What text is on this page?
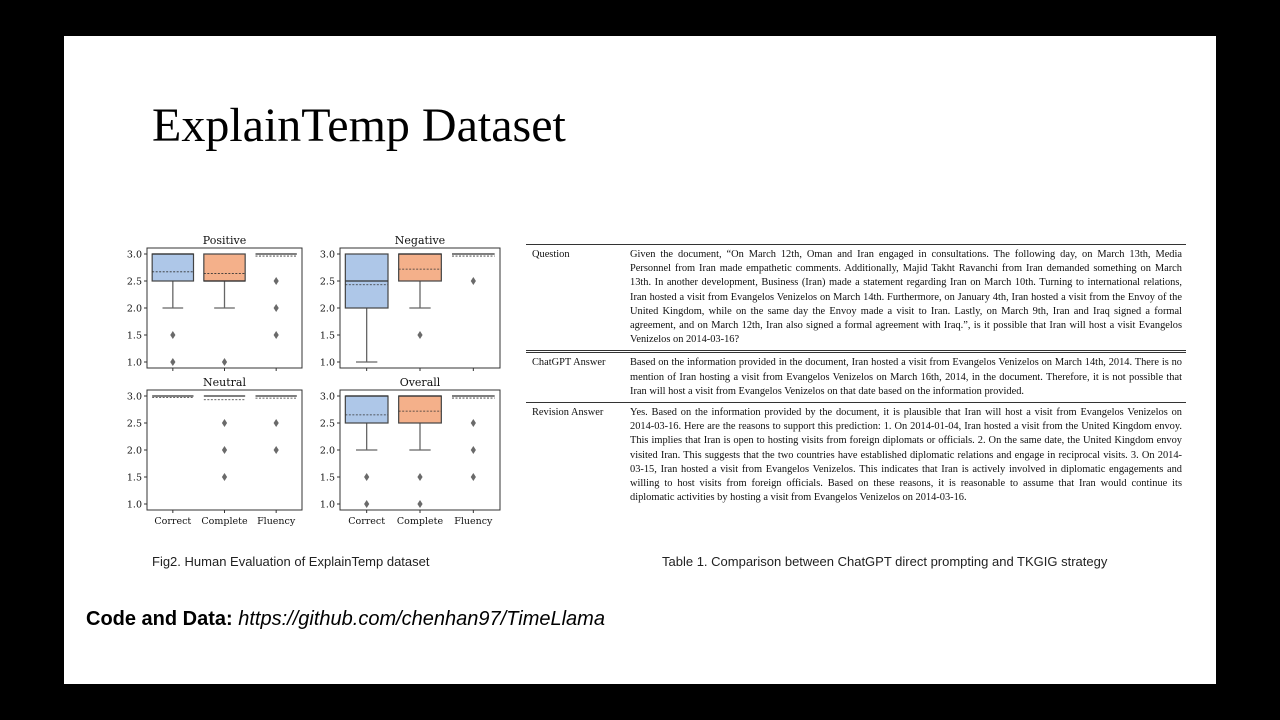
ExplainTemp Dataset
Positive
1.0
1.5
2.0
2.5
3.0
Negative
1.0
1.5
2.0
2.5
3.0
Neutral
1.0
1.5
2.0
2.5
3.0
Correct Complete Fluency
Overall
1.0
1.5
2.0
2.5
3.0
Correct Complete Fluency
Question	Given the document, “On March 12th, Oman and Iran engaged in consultations. The following day, on March 13th, Media Personnel from Iran made empathetic comments. Additionally, Majid Takht Ravanchi from Iran demanded something on March 13th. In another development, Business (Iran) made a statement regarding Iran on March 10th. Turning to international relations, Iran hosted a visit from Evangelos Venizelos on March 14th. Furthermore, on January 4th, Iran hosted a visit from the Envoy of the United Kingdom, while on the same day the Envoy made a visit to Iran. Lastly, on March 9th, Iran and Iraq signed a formal agreement, and on March 12th, Iran also signed a formal agreement with Iraq.”, is it possible that Iran will host a visit Evangelos Venizelos on 2014-03-16?
ChatGPT Answer	Based on the information provided in the document, Iran hosted a visit from Evangelos Venizelos on March 14th, 2014. There is no mention of Iran hosting a visit from Evangelos Venizelos on March 16th, 2014, in the document. Therefore, it is not possible that Iran will host a visit from Evangelos Venizelos on that date based on the information provided.
Revision Answer	Yes. Based on the information provided by the document, it is plausible that Iran will host a visit from Evangelos Venizelos on 2014-03-16. Here are the reasons to support this prediction: 1. On 2014-01-04, Iran hosted a visit from the United Kingdom envoy. This implies that Iran is open to hosting visits from foreign diplomats or officials. 2. On the same date, the United Kingdom envoy visited Iran. This suggests that the two countries have established diplomatic relations and engage in reciprocal visits. 3. On 2014-03-15, Iran hosted a visit from Evangelos Venizelos. This indicates that Iran is actively involved in diplomatic engagements and willing to host visits from foreign officials. Based on these reasons, it is reasonable to assume that Iran would continue its diplomatic activities by hosting a visit from Evangelos Venizelos on 2014-03-16.
Fig2. Human Evaluation of ExplainTemp dataset	Table 1. Comparison between ChatGPT direct prompting and TKGIG strategy
Code and Data: https://github.com/chenhan97/TimeLlama
